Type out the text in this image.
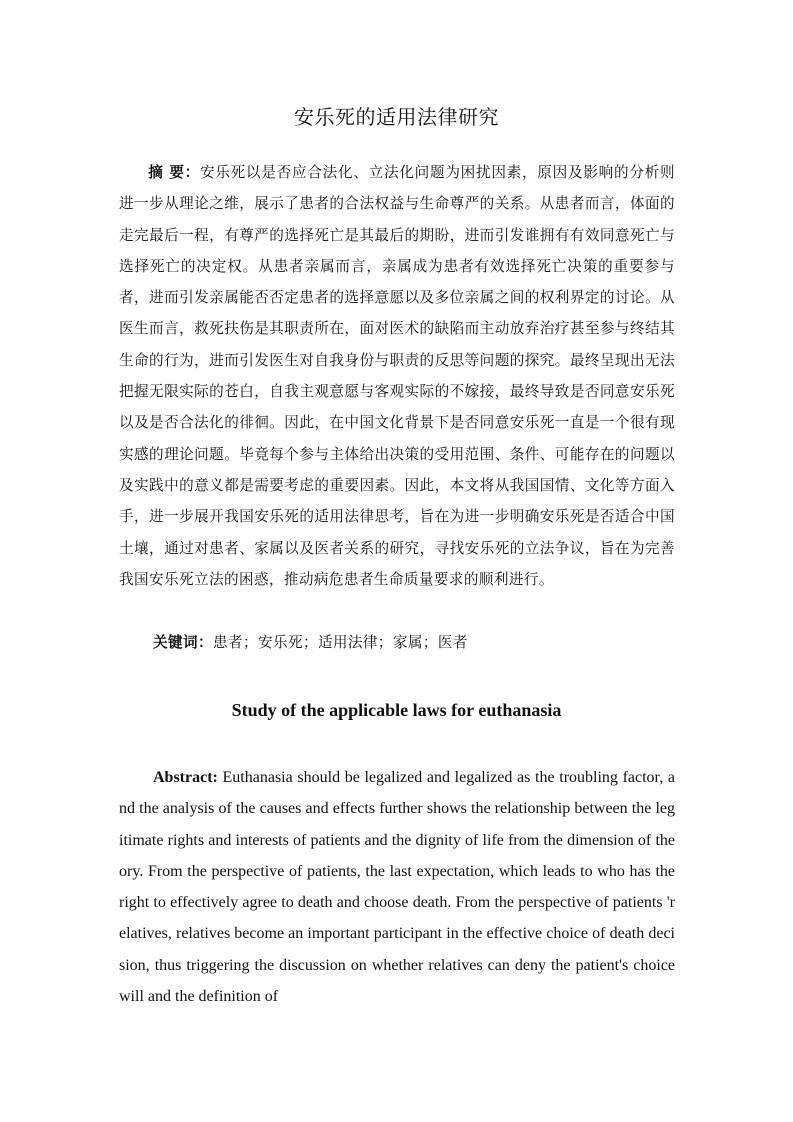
安乐死的适用法律研究

摘 要：安乐死以是否应合法化、立法化问题为困扰因素，原因及影响的分析则进一步从理论之维，展示了患者的合法权益与生命尊严的关系。从患者而言，体面的走完最后一程，有尊严的选择死亡是其最后的期盼，进而引发谁拥有有效同意死亡与选择死亡的决定权。从患者亲属而言，亲属成为患者有效选择死亡决策的重要参与者，进而引发亲属能否否定患者的选择意愿以及多位亲属之间的权利界定的讨论。从医生而言，救死扶伤是其职责所在，面对医术的缺陷而主动放弃治疗甚至参与终结其生命的行为，进而引发医生对自我身份与职责的反思等问题的探究。最终呈现出无法把握无限实际的苍白，自我主观意愿与客观实际的不嫁接，最终导致是否同意安乐死以及是否合法化的徘徊。因此，在中国文化背景下是否同意安乐死一直是一个很有现实感的理论问题。毕竟每个参与主体给出决策的受用范围、条件、可能存在的问题以及实践中的意义都是需要考虑的重要因素。因此，本文将从我国国情、文化等方面入手，进一步展开我国安乐死的适用法律思考，旨在为进一步明确安乐死是否适合中国土壤，通过对患者、家属以及医者关系的研究，寻找安乐死的立法争议，旨在为完善我国安乐死立法的困惑，推动病危患者生命质量要求的顺利进行。

关键词：患者；安乐死；适用法律；家属；医者

Study of the applicable laws for euthanasia

Abstract: Euthanasia should be legalized and legalized as the troubling factor, and the analysis of the causes and effects further shows the relationship between the legitimate rights and interests of patients and the dignity of life from the dimension of theory. From the perspective of patients, the last expectation, which leads to who has the right to effectively agree to death and choose death. From the perspective of patients 'relatives, relatives become an important participant in the effective choice of death decision, thus triggering the discussion on whether relatives can deny the patient's choice will and the definition of
